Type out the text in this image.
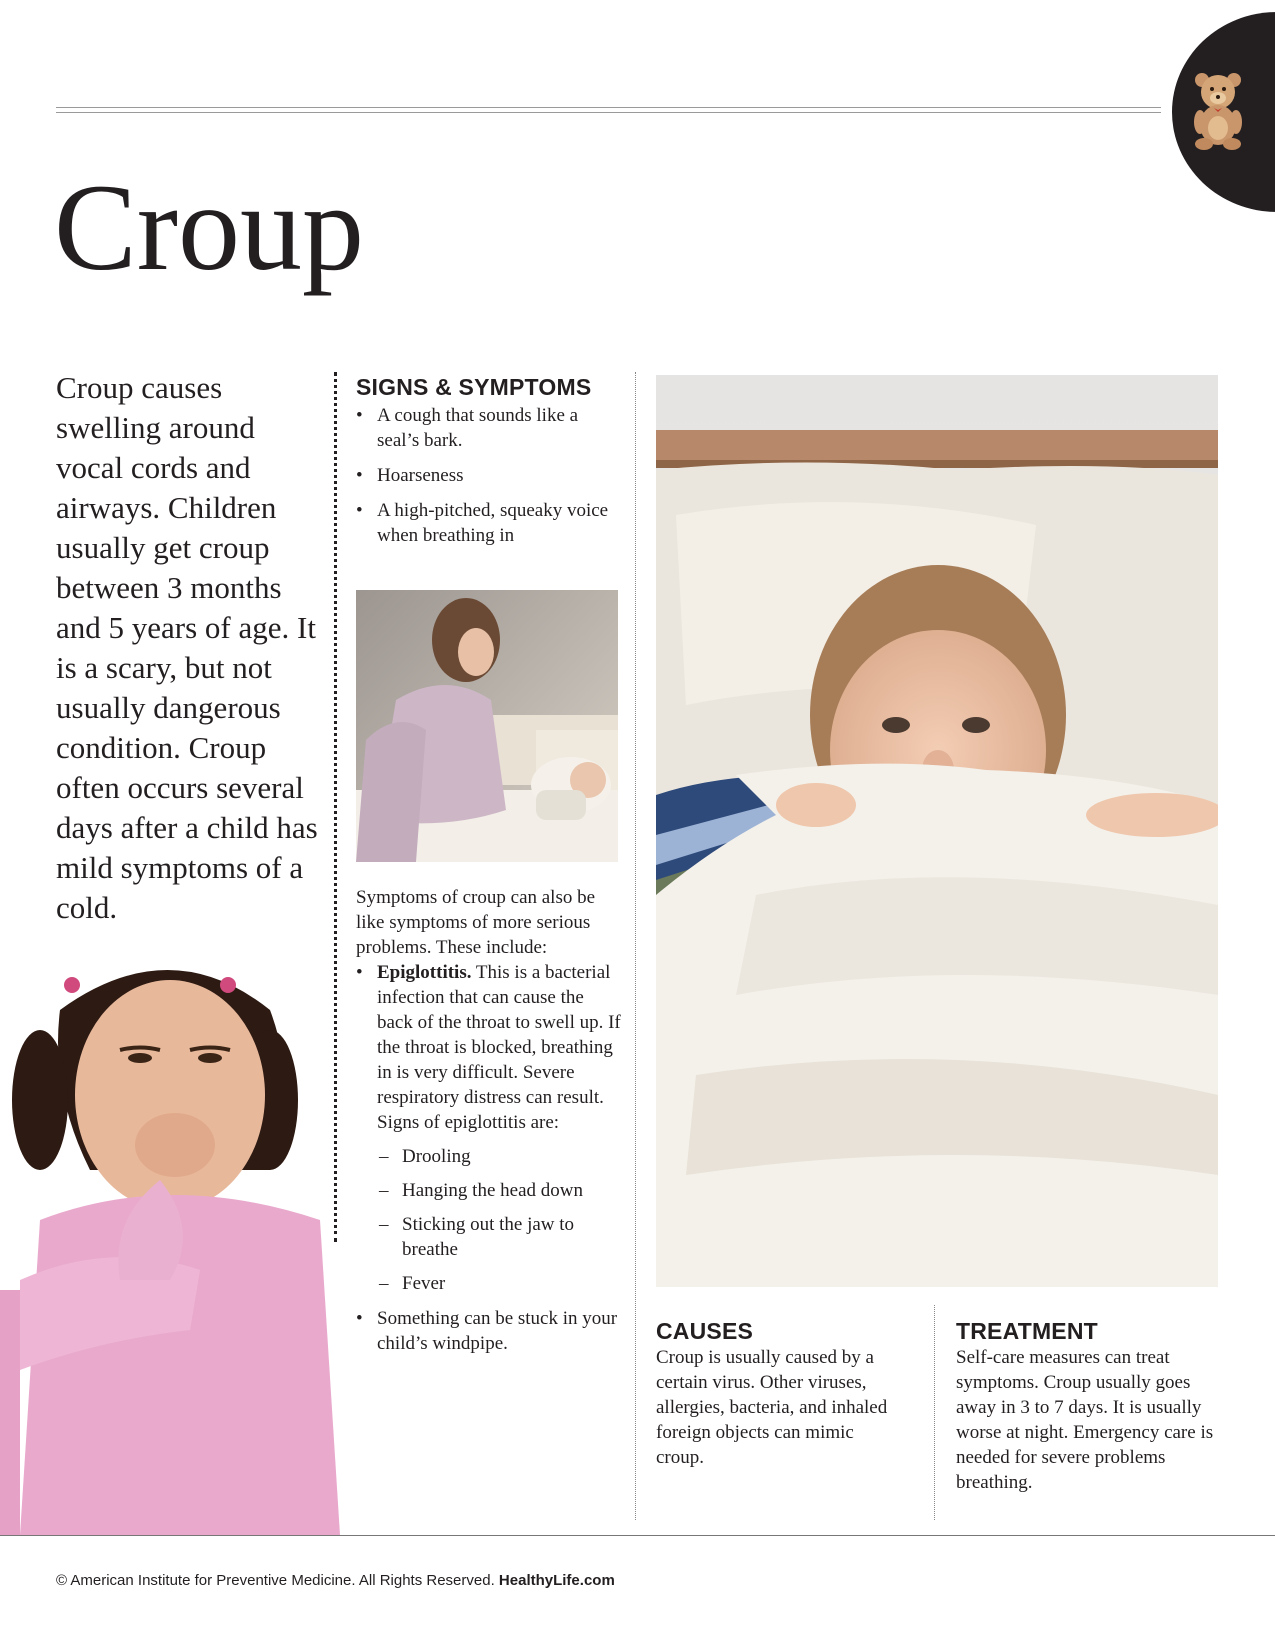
Croup
Croup causes swelling around vocal cords and airways. Children usually get croup between 3 months and 5 years of age. It is a scary, but not usually dangerous condition. Croup often occurs several days after a child has mild symptoms of a cold.
SIGNS & SYMPTOMS
• A cough that sounds like a seal’s bark.
• Hoarseness
• A high-pitched, squeaky voice when breathing in
Symptoms of croup can also be like symptoms of more serious problems. These include:
• Epiglottitis. This is a bacterial infection that can cause the back of the throat to swell up. If the throat is blocked, breathing in is very difficult. Severe respiratory distress can result. Signs of epiglottitis are:
– Drooling
– Hanging the head down
– Sticking out the jaw to breathe
– Fever
• Something can be stuck in your child’s windpipe.	CAUSES
Croup is usually caused by a certain virus. Other viruses, allergies, bacteria, and inhaled foreign objects can mimic croup.
TREATMENT
Self-care measures can treat symptoms. Croup usually goes away in 3 to 7 days. It is usually worse at night. Emergency care is needed for severe problems breathing.
© American Institute for Preventive Medicine. All Rights Reserved. HealthyLife.com
